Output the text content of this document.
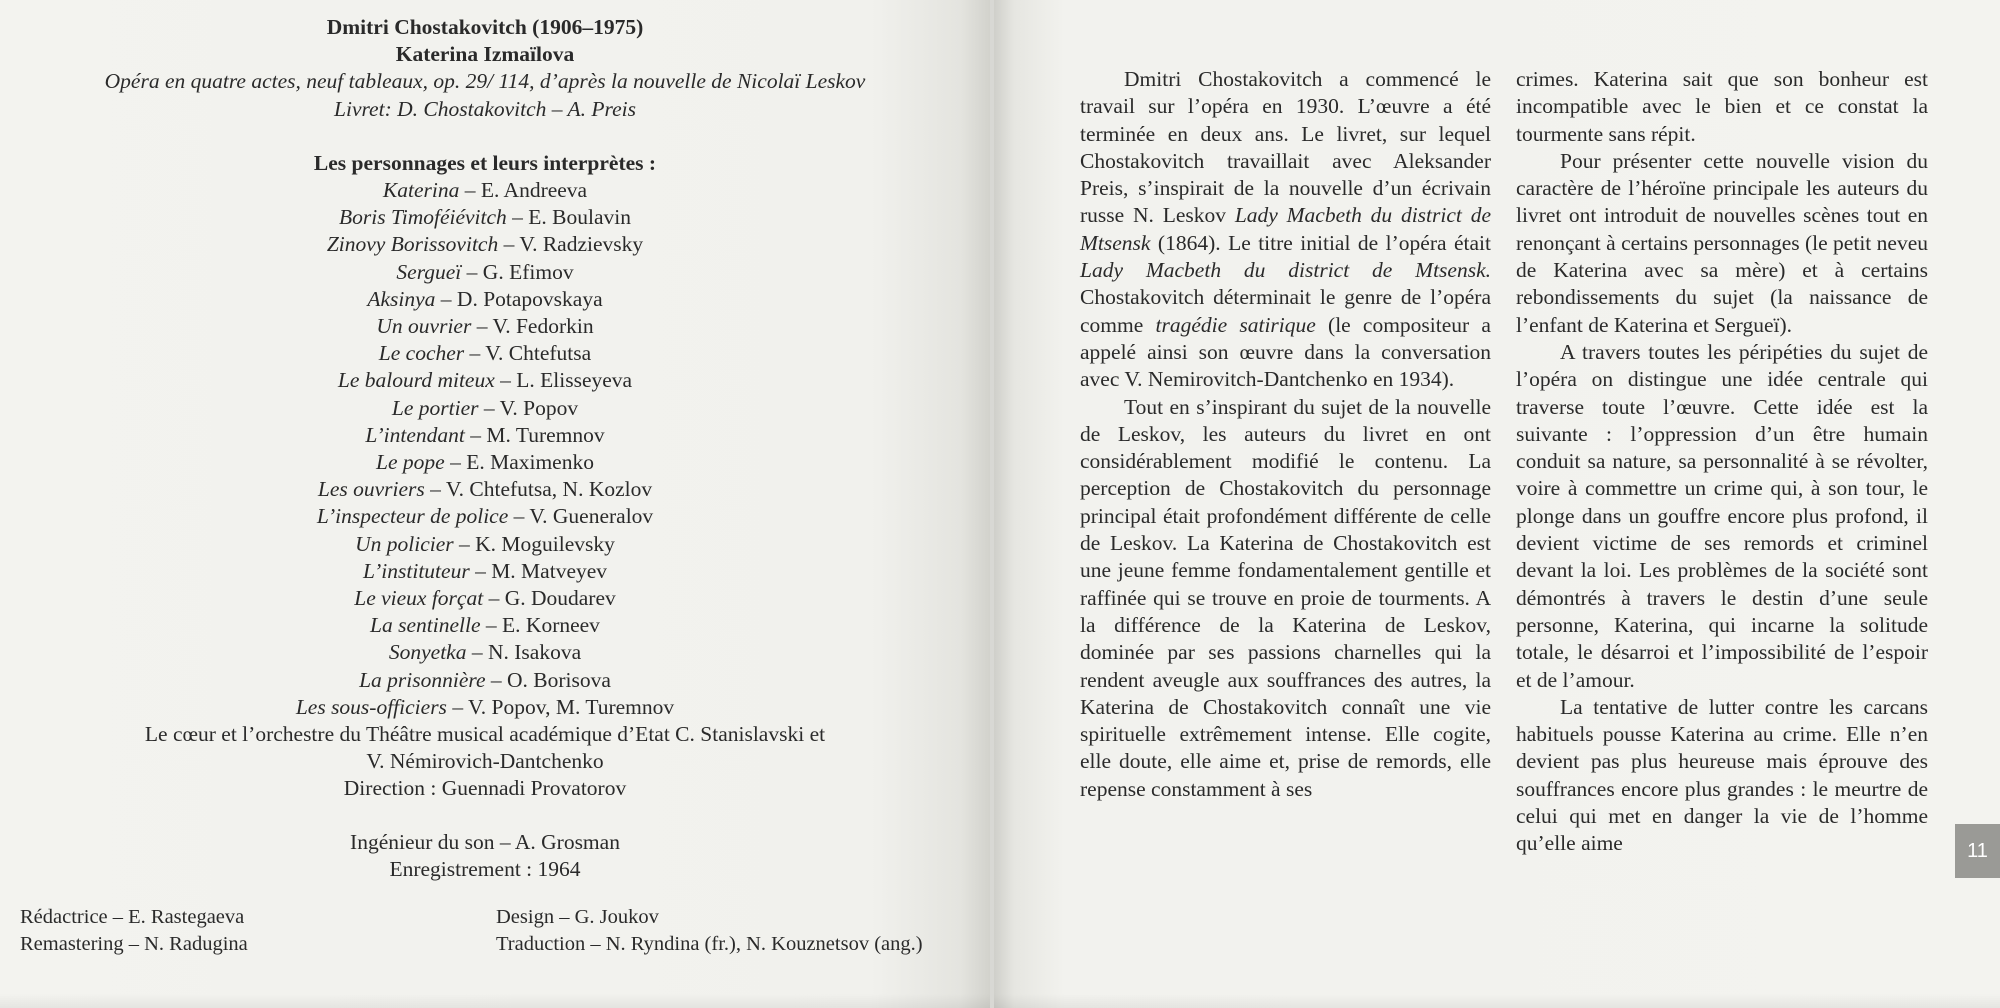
Dmitri Chostakovitch (1906–1975)
Katerina Izmaïlova
Opéra en quatre actes, neuf tableaux, op. 29/ 114, d’après la nouvelle de Nicolaï Leskov
Livret: D. Chostakovitch – A. Preis
Les personnages et leurs interprètes :
Katerina – E. Andreeva
Boris Timoféiévitch – E. Boulavin
Zinovy Borissovitch – V. Radzievsky
Sergueï – G. Efimov
Aksinya – D. Potapovskaya
Un ouvrier – V. Fedorkin
Le cocher – V. Chtefutsa
Le balourd miteux – L. Elisseyeva
Le portier – V. Popov
L’intendant – M. Turemnov
Le pope – E. Maximenko
Les ouvriers – V. Chtefutsa, N. Kozlov
L’inspecteur de police – V. Gueneralov
Un policier – K. Moguilevsky
L’instituteur – M. Matveyev
Le vieux forçat – G. Doudarev
La sentinelle – E. Korneev
Sonyetka – N. Isakova
La prisonnière – O. Borisova
Les sous-officiers – V. Popov, M. Turemnov
Le cœur et l’orchestre du Théâtre musical académique d’Etat C. Stanislavski et
V. Némirovich-Dantchenko
Direction : Guennadi Provatorov
Ingénieur du son – A. Grosman
Enregistrement : 1964
Rédactrice – E. Rastegaeva
Remastering – N. Radugina
Design – G. Joukov
Traduction – N. Ryndina (fr.), N. Kouznetsov (ang.)

Dmitri Chostakovitch a commencé le travail sur l’opéra en 1930. L’œuvre a été terminée en deux ans. Le livret, sur lequel Chostakovitch travaillait avec Aleksander Preis, s’inspirait de la nouvelle d’un écrivain russe N. Leskov Lady Macbeth du district de Mtsensk (1864). Le titre initial de l’opéra était Lady Macbeth du district de Mtsensk. Chostakovitch déterminait le genre de l’opéra comme tragédie satirique (le compositeur a appelé ainsi son œuvre dans la conversation avec V. Nemirovitch-Dantchenko en 1934).

Tout en s’inspirant du sujet de la nouvelle de Leskov, les auteurs du livret en ont considérablement modifié le contenu. La perception de Chostakovitch du personnage principal était profondément différente de celle de Leskov. La Katerina de Chostakovitch est une jeune femme fondamentalement gentille et raffinée qui se trouve en proie de tourments. A la différence de la Katerina de Leskov, dominée par ses passions charnelles qui la rendent aveugle aux souffrances des autres, la Katerina de Chostakovitch connaît une vie spirituelle extrêmement intense. Elle cogite, elle doute, elle aime et, prise de remords, elle repense constamment à ses

crimes. Katerina sait que son bonheur est incompatible avec le bien et ce constat la tourmente sans répit.

Pour présenter cette nouvelle vision du caractère de l’héroïne principale les auteurs du livret ont introduit de nouvelles scènes tout en renonçant à certains personnages (le petit neveu de Katerina avec sa mère) et à certains rebondissements du sujet (la naissance de l’enfant de Katerina et Sergueï).

A travers toutes les péripéties du sujet de l’opéra on distingue une idée centrale qui traverse toute l’œuvre. Cette idée est la suivante : l’oppression d’un être humain conduit sa nature, sa personnalité à se révolter, voire à commettre un crime qui, à son tour, le plonge dans un gouffre encore plus profond, il devient victime de ses remords et criminel devant la loi. Les problèmes de la société sont démontrés à travers le destin d’une seule personne, Katerina, qui incarne la solitude totale, le désarroi et l’impossibilité de l’espoir et de l’amour.

La tentative de lutter contre les carcans habituels pousse Katerina au crime. Elle n’en devient pas plus heureuse mais éprouve des souffrances encore plus grandes : le meurtre de celui qui met en danger la vie de l’homme qu’elle aime	11
